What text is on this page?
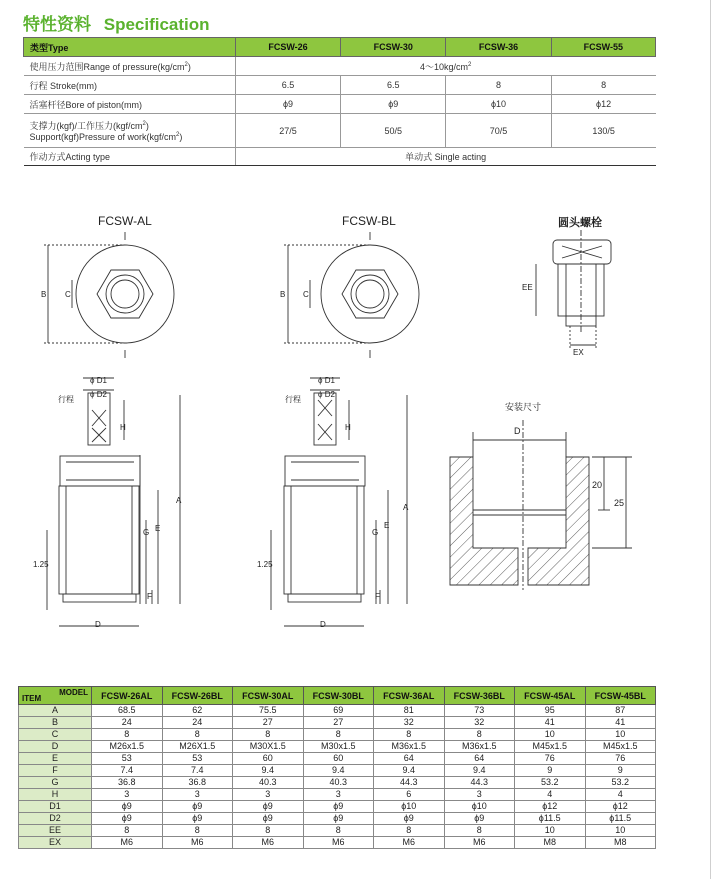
特性资料 Specification
类型Type	FCSW-26	FCSW-30	FCSW-36	FCSW-55
使用压力范围Range of $pressure(kg/cm^2)$	$4\sim 10kg/cm^2$
行程 Stroke(mm)	6.5	6.5	8	8
活塞杆径Bore of piston(mm)	ϕ9	ϕ9	ϕ10	ϕ12

支撑力(kgf)/工作压力$(kgf/cm^2)$
Support(kgf)Pressure of $work(kgf/cm^2)$	27/5	50/5	70/5	130/5
作动方式Acting type	单动式 Single acting			
FCSW-AL	FCSW-BL	圆头螺栓
安装尺寸
B C	B C
EE
EX
ϕ D1
ϕ D2
行程
H
A
E
G
F
1.25
D
ϕ D1
ϕ D2
行程
H
A
E
G
F
1.25
D
D
20
25
ITEM
MODEL	FCSW-26AL	FCSW-26BL	FCSW-30AL	FCSW-30BL	FCSW-36AL	FCSW-36BL	FCSW-45AL	FCSW-45BL
A	68.5	62	75.5	69	81	73	95	87
B	24	24	27	27	32	32	41	41
C	8	8	8	8	8	8	10	10
D	M26x1.5	M26X1.5	M30X1.5	M30x1.5	M36x1.5	M36x1.5	M45x1.5	M45x1.5
E	53	53	60	60	64	64	76	76
F	7.4	7.4	9.4	9.4	9.4	9.4	9	9
G	36.8	36.8	40.3	40.3	44.3	44.3	53.2	53.2
H	3	3	3	3	6	3	4	4
D1	ϕ9	ϕ9	ϕ9	ϕ9	ϕ10	ϕ10	ϕ12	ϕ12
D2	ϕ9	ϕ9	ϕ9	ϕ9	ϕ9	ϕ9	ϕ11.5	ϕ11.5
EE	8	8	8	8	8	8	10	10
EX	M6	M6	M6	M6	M6	M6	M8	M8
